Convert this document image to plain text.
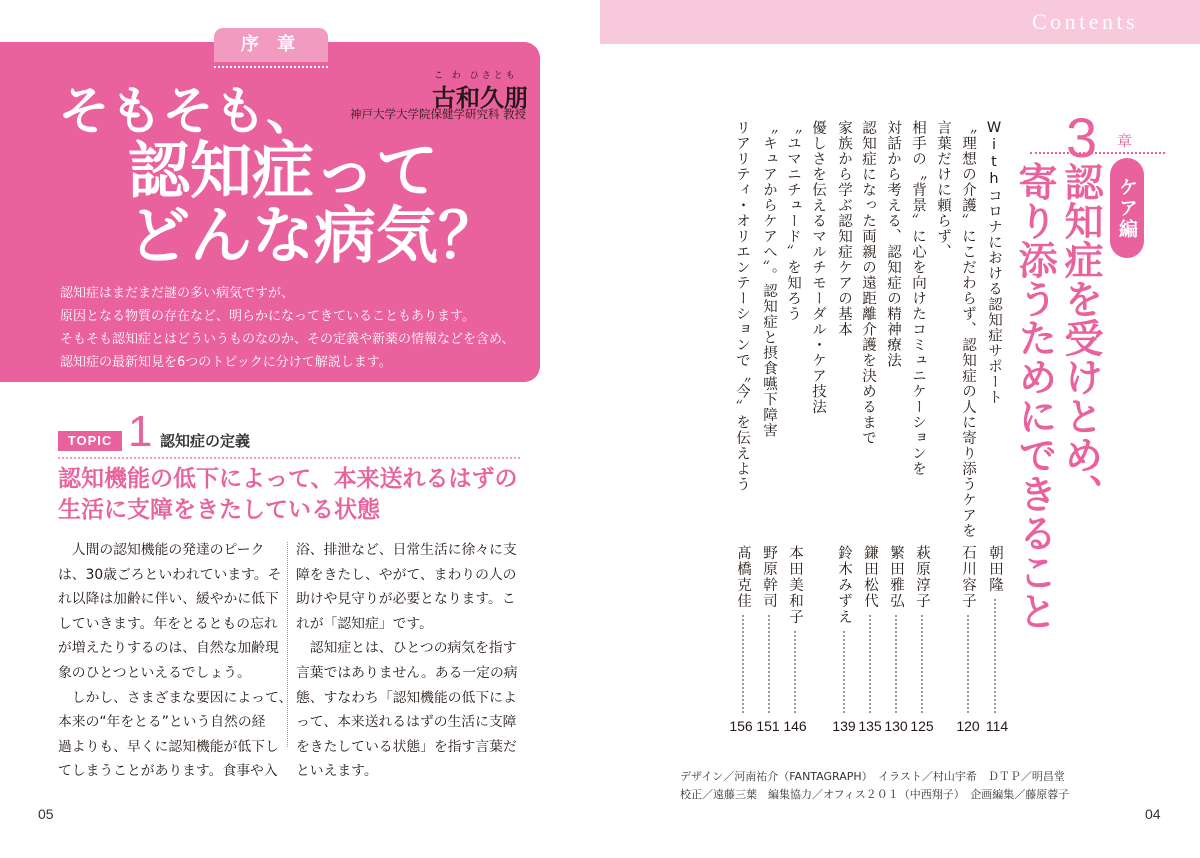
序 章
そもそも、
認知症って
どんな病気？
こ わ ひさとも
古和久朋
神戸大学大学院保健学研究科 教授
認知症はまだまだ謎の多い病気ですが、
原因となる物質の存在など、明らかになってきていることもあります。
そもそも認知症とはどういうものなのか、その定義や新薬の情報などを含め、
認知症の最新知見を6つのトピックに分けて解説します。
TOPIC 1 認知症の定義
認知機能の低下によって、本来送れるはずの
生活に支障をきたしている状態
　人間の認知機能の発達のピーク
は、30歳ごろといわれています。そ
れ以降は加齢に伴い、緩やかに低下
していきます。年をとるともの忘れ
が増えたりするのは、自然な加齢現
象のひとつといえるでしょう。
　しかし、さまざまな要因によって、
本来の“年をとる”という自然の経
過よりも、早くに認知機能が低下し
てしまうことがあります。食事や入
浴、排泄など、日常生活に徐々に支
障をきたし、やがて、まわりの人の
助けや見守りが必要となります。こ
れが「認知症」です。
　認知症とは、ひとつの病気を指す
言葉ではありません。ある一定の病
態、すなわち「認知機能の低下によ
って、本来送れるはずの生活に支障
をきたしている状態」を指す言葉だ
といえます。
05
Contents
3 章
ケア編
認知症を受けとめ、
寄り添うためにできること
Withコロナにおける認知症サポート
〝理想の介護〟にこだわらず、認知症の人に寄り添うケアを
言葉だけに頼らず、
相手の〝背景〟に心を向けたコミュニケーションを
対話から考える、認知症の精神療法
認知症になった両親の遠距離介護を決めるまで
家族から学ぶ認知症ケアの基本
優しさを伝えるマルチモーダル・ケア技法
〝ユマニチュード〟を知ろう
〝キュアからケアへ〟。認知症と摂食嚥下障害
リアリティ・オリエンテーションで〝今〟を伝えよう
朝田隆
石川容子
萩原淳子
繁田雅弘
鎌田松代
鈴木みずえ
本田美和子
野原幹司
髙橋克佳
114
120
125
130
135
139
146
151
156
デザイン／河南祐介（FANTAGRAPH）　イラスト／村山宇希　ＤＴＰ／明昌堂
校正／遠藤三葉　編集協力／オフィス２０１（中西翔子）　企画編集／藤原蓉子
04
